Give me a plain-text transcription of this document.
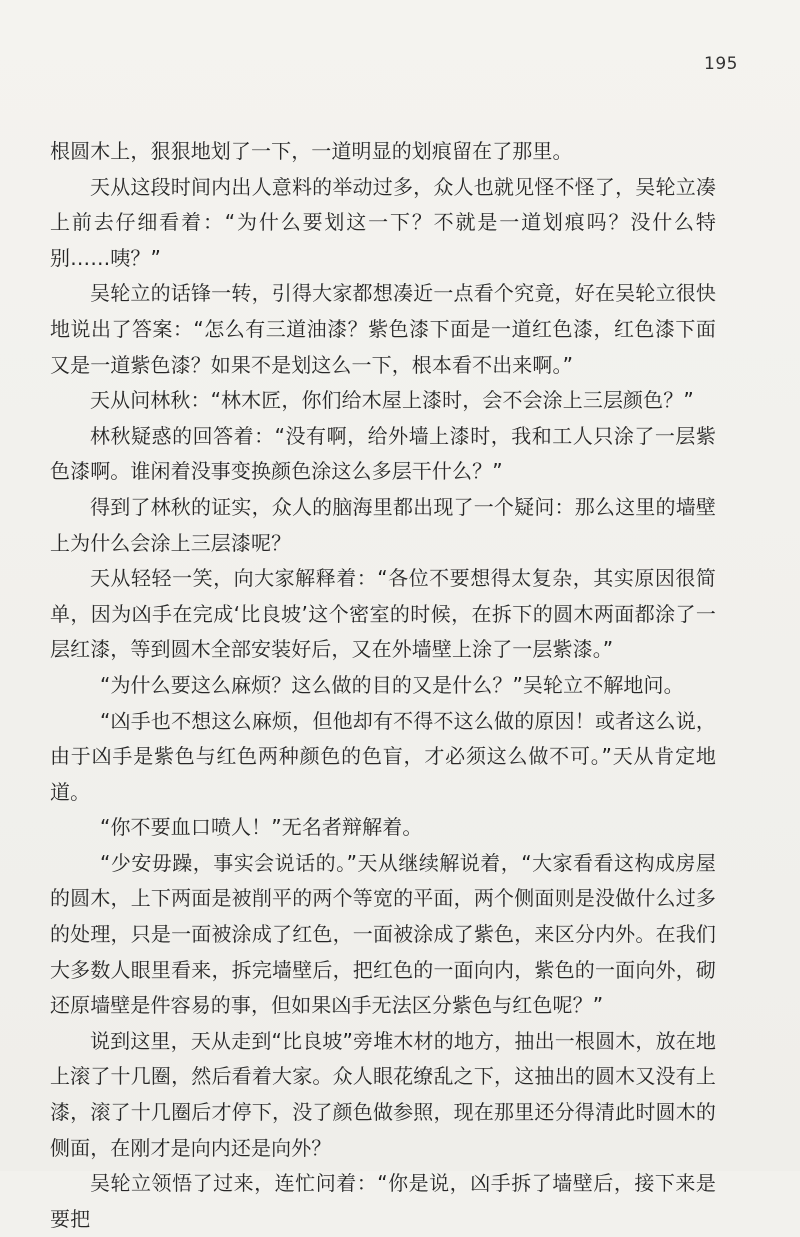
195

根圆木上，狠狠地划了一下，一道明显的划痕留在了那里。

天从这段时间内出人意料的举动过多，众人也就见怪不怪了，吴轮立凑上前去仔细看着：“为什么要划这一下？不就是一道划痕吗？没什么特别……咦？”

吴轮立的话锋一转，引得大家都想凑近一点看个究竟，好在吴轮立很快地说出了答案：“怎么有三道油漆？紫色漆下面是一道红色漆，红色漆下面又是一道紫色漆？如果不是划这么一下，根本看不出来啊。”

天从问林秋：“林木匠，你们给木屋上漆时，会不会涂上三层颜色？”

林秋疑惑的回答着：“没有啊，给外墙上漆时，我和工人只涂了一层紫色漆啊。谁闲着没事变换颜色涂这么多层干什么？”

得到了林秋的证实，众人的脑海里都出现了一个疑问：那么这里的墙壁上为什么会涂上三层漆呢？

天从轻轻一笑，向大家解释着：“各位不要想得太复杂，其实原因很简单，因为凶手在完成‘比良坡’这个密室的时候，在拆下的圆木两面都涂了一层红漆，等到圆木全部安装好后，又在外墙壁上涂了一层紫漆。”

“为什么要这么麻烦？这么做的目的又是什么？”吴轮立不解地问。

“凶手也不想这么麻烦，但他却有不得不这么做的原因！或者这么说，由于凶手是紫色与红色两种颜色的色盲，才必须这么做不可。”天从肯定地道。

“你不要血口喷人！”无名者辩解着。

“少安毋躁，事实会说话的。”天从继续解说着，“大家看看这构成房屋的圆木，上下两面是被削平的两个等宽的平面，两个侧面则是没做什么过多的处理，只是一面被涂成了红色，一面被涂成了紫色，来区分内外。在我们大多数人眼里看来，拆完墙壁后，把红色的一面向内，紫色的一面向外，砌还原墙壁是件容易的事，但如果凶手无法区分紫色与红色呢？”

说到这里，天从走到“比良坡”旁堆木材的地方，抽出一根圆木，放在地上滚了十几圈，然后看着大家。众人眼花缭乱之下，这抽出的圆木又没有上漆，滚了十几圈后才停下，没了颜色做参照，现在那里还分得清此时圆木的侧面，在刚才是向内还是向外？

吴轮立领悟了过来，连忙问着：“你是说，凶手拆了墙壁后，接下来是要把
